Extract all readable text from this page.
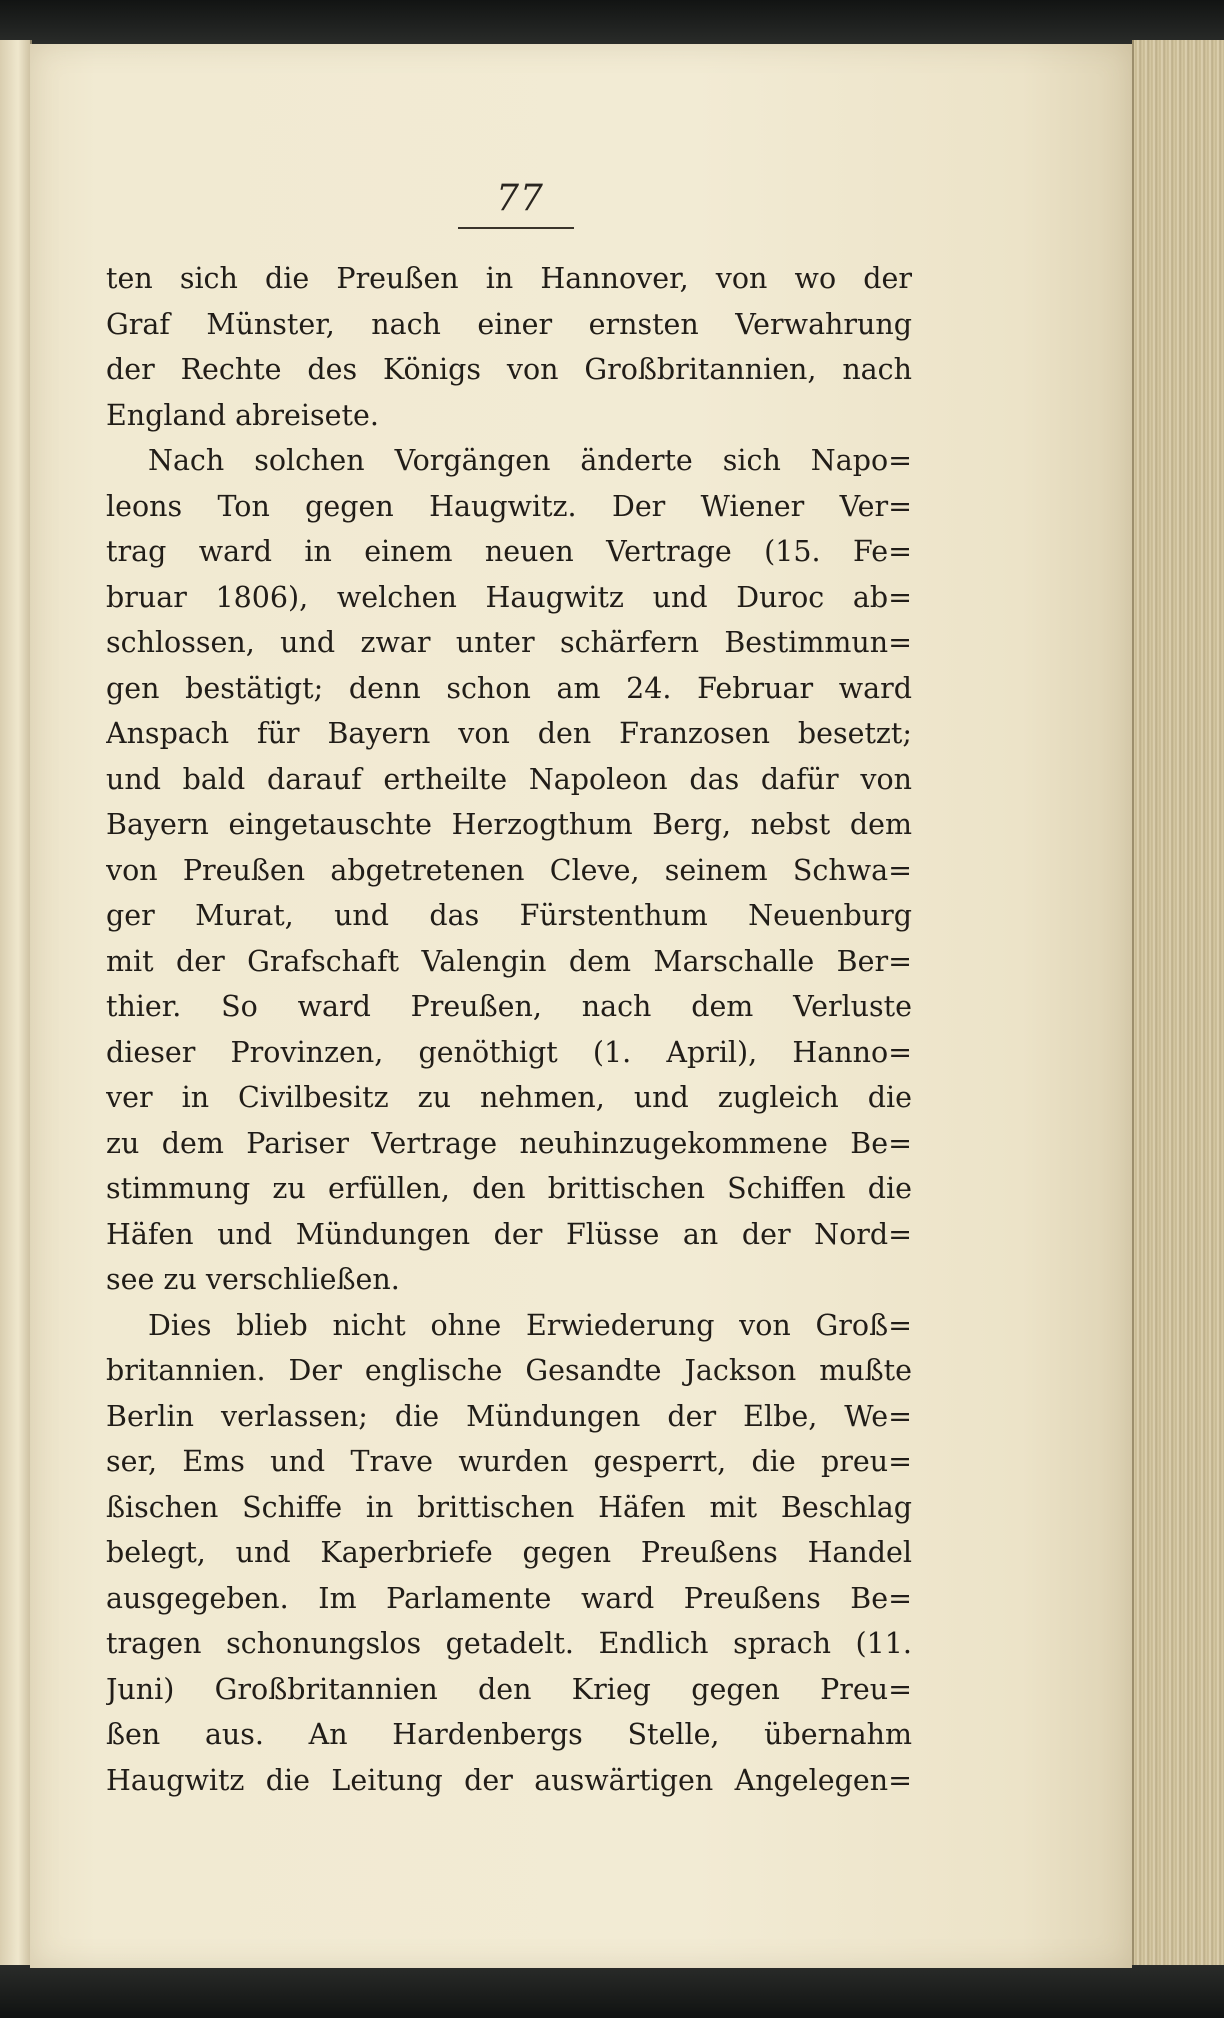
77
ten sich die Preußen in Hannover, von wo der
Graf Münster, nach einer ernsten Verwahrung
der Rechte des Königs von Großbritannien, nach
England abreisete.
Nach solchen Vorgängen änderte sich Napo=
leons Ton gegen Haugwitz. Der Wiener Ver=
trag ward in einem neuen Vertrage (15. Fe=
bruar 1806), welchen Haugwitz und Duroc ab=
schlossen, und zwar unter schärfern Bestimmun=
gen bestätigt; denn schon am 24. Februar ward
Anspach für Bayern von den Franzosen besetzt;
und bald darauf ertheilte Napoleon das dafür von
Bayern eingetauschte Herzogthum Berg, nebst dem
von Preußen abgetretenen Cleve, seinem Schwa=
ger Murat, und das Fürstenthum Neuenburg
mit der Grafschaft Valengin dem Marschalle Ber=
thier. So ward Preußen, nach dem Verluste
dieser Provinzen, genöthigt (1. April), Hanno=
ver in Civilbesitz zu nehmen, und zugleich die
zu dem Pariser Vertrage neuhinzugekommene Be=
stimmung zu erfüllen, den brittischen Schiffen die
Häfen und Mündungen der Flüsse an der Nord=
see zu verschließen.
Dies blieb nicht ohne Erwiederung von Groß=
britannien. Der englische Gesandte Jackson mußte
Berlin verlassen; die Mündungen der Elbe, We=
ser, Ems und Trave wurden gesperrt, die preu=
ßischen Schiffe in brittischen Häfen mit Beschlag
belegt, und Kaperbriefe gegen Preußens Handel
ausgegeben. Im Parlamente ward Preußens Be=
tragen schonungslos getadelt. Endlich sprach (11.
Juni) Großbritannien den Krieg gegen Preu=
ßen aus. An Hardenbergs Stelle, übernahm
Haugwitz die Leitung der auswärtigen Angelegen=
